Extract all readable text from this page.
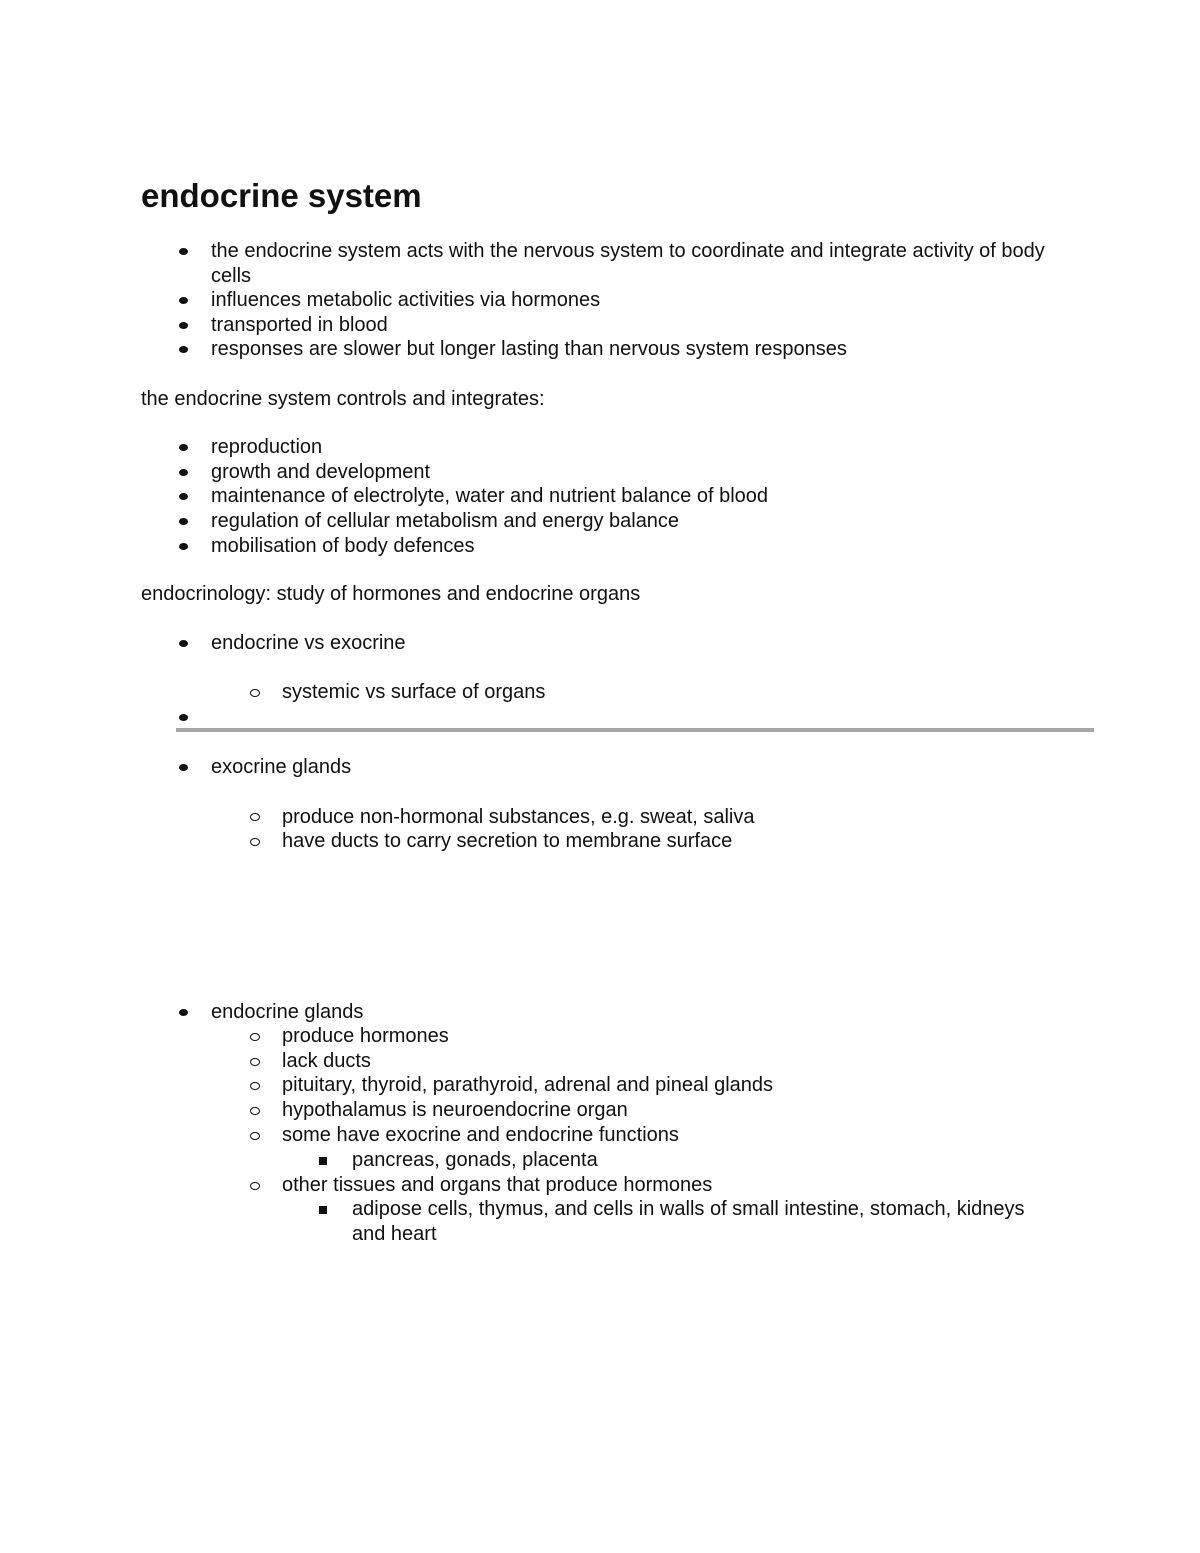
endocrine system

the endocrine system acts with the nervous system to coordinate and integrate activity of body cells

influences metabolic activities via hormones

transported in blood

responses are slower but longer lasting than nervous system responses

the endocrine system controls and integrates:

reproduction

growth and development

maintenance of electrolyte, water and nutrient balance of blood

regulation of cellular metabolism and energy balance

mobilisation of body defences

endocrinology: study of hormones and endocrine organs

endocrine vs exocrine

systemic vs surface of organs

exocrine glands

produce non-hormonal substances, e.g. sweat, saliva

have ducts to carry secretion to membrane surface

endocrine glands

produce hormones

lack ducts

pituitary, thyroid, parathyroid, adrenal and pineal glands

hypothalamus is neuroendocrine organ

some have exocrine and endocrine functions

pancreas, gonads, placenta

other tissues and organs that produce hormones

adipose cells, thymus, and cells in walls of small intestine, stomach, kidneys and heart
